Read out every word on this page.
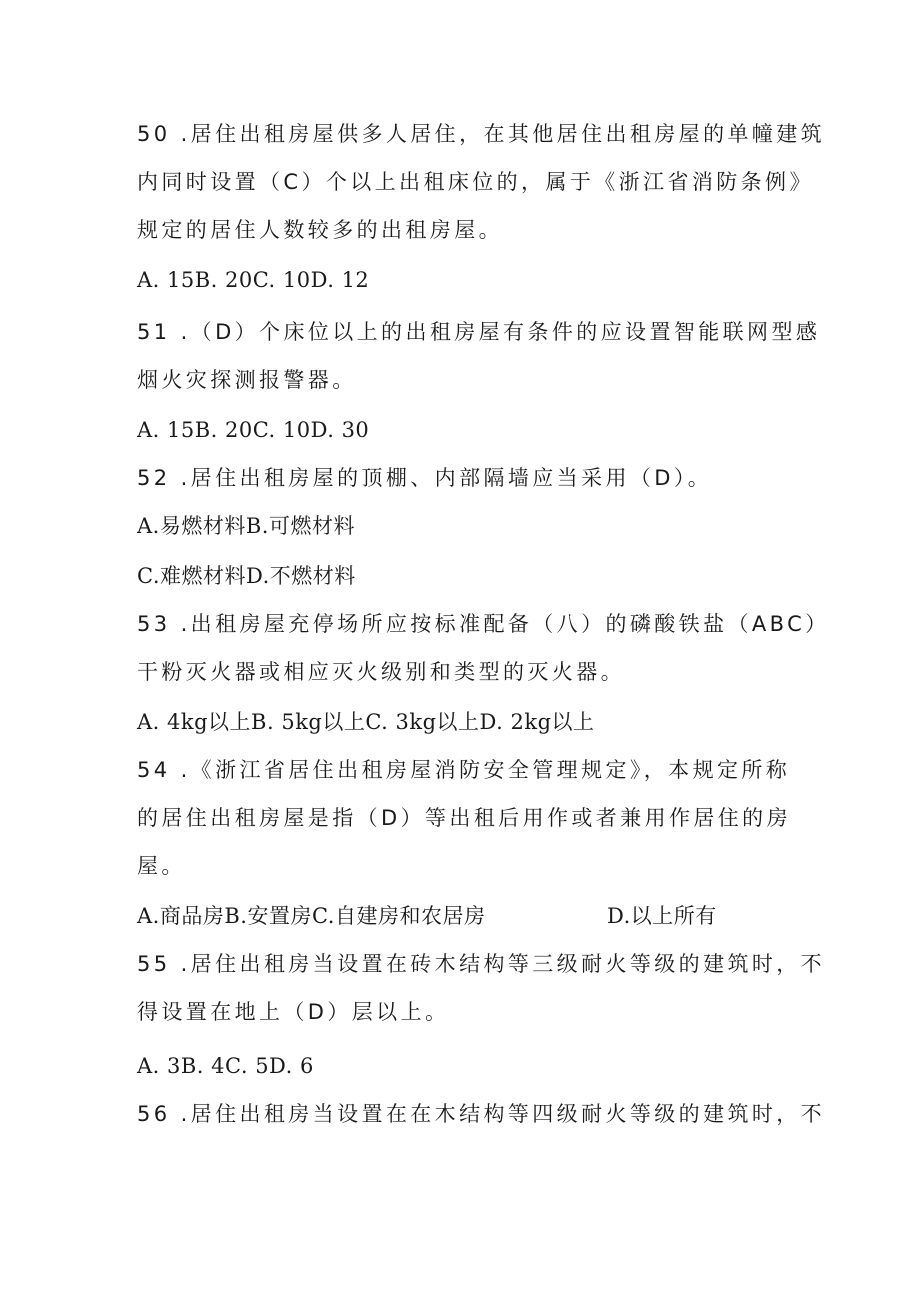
50 .居住出租房屋供多人居住，在其他居住出租房屋的单幢建筑
内同时设置（C）个以上出租床位的，属于《浙江省消防条例》
规定的居住人数较多的出租房屋。
A. 15B. 20C. 10D. 12
51 .（D）个床位以上的出租房屋有条件的应设置智能联网型感
烟火灾探测报警器。
A. 15B. 20C. 10D. 30
52 .居住出租房屋的顶棚、内部隔墙应当采用（D）。
A.易燃材料B.可燃材料
C.难燃材料D.不燃材料
53 .出租房屋充停场所应按标准配备（八）的磷酸铁盐（ABC）
干粉灭火器或相应灭火级别和类型的灭火器。
A. 4kg以上B. 5kg以上C. 3kg以上D. 2kg以上
54 .《浙江省居住出租房屋消防安全管理规定》，本规定所称
的居住出租房屋是指（D）等出租后用作或者兼用作居住的房
屋。
A.商品房B.安置房C.自建房和农居房	D.以上所有
55 .居住出租房当设置在砖木结构等三级耐火等级的建筑时，不
得设置在地上（D）层以上。
A. 3B. 4C. 5D. 6
56 .居住出租房当设置在在木结构等四级耐火等级的建筑时，不
